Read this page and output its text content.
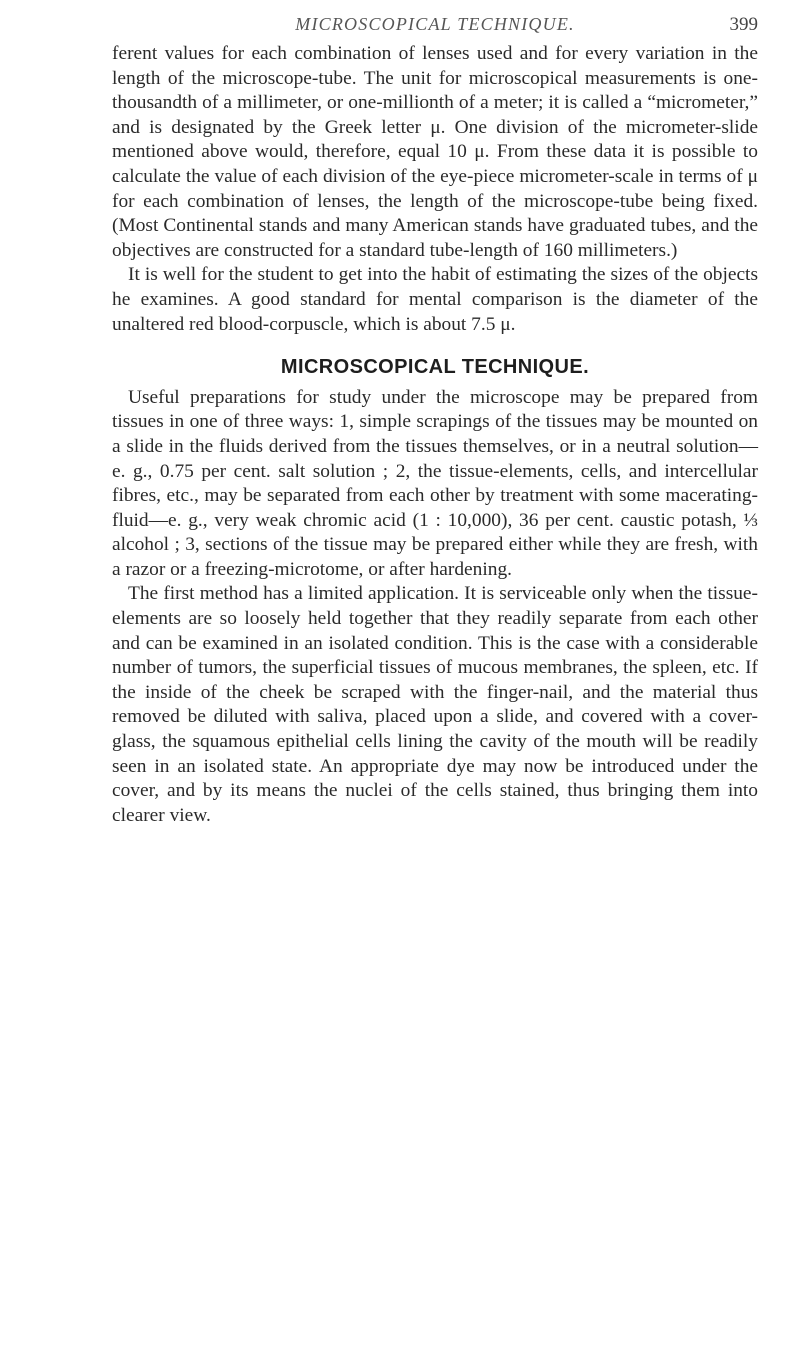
MICROSCOPICAL TECHNIQUE.	399

ferent values for each combination of lenses used and for every variation in the length of the microscope-tube. The unit for microscopical measurements is one-thousandth of a millimeter, or one-millionth of a meter; it is called a “micrometer,” and is designated by the Greek letter μ. One division of the micrometer-slide mentioned above would, therefore, equal 10 μ. From these data it is possible to calculate the value of each division of the eye-piece micrometer-scale in terms of μ for each combination of lenses, the length of the microscope-tube being fixed. (Most Continental stands and many American stands have graduated tubes, and the objectives are constructed for a standard tube-length of 160 millimeters.)

It is well for the student to get into the habit of estimating the sizes of the objects he examines. A good standard for mental comparison is the diameter of the unaltered red blood-corpuscle, which is about 7.5 μ.

MICROSCOPICAL TECHNIQUE.

Useful preparations for study under the microscope may be prepared from tissues in one of three ways: 1, simple scrapings of the tissues may be mounted on a slide in the fluids derived from the tissues themselves, or in a neutral solution—e. g., 0.75 per cent. salt solution ; 2, the tissue-elements, cells, and intercellular fibres, etc., may be separated from each other by treatment with some macerating-fluid—e. g., very weak chromic acid (1 : 10,000), 36 per cent. caustic potash, ⅓ alcohol ; 3, sections of the tissue may be prepared either while they are fresh, with a razor or a freezing-microtome, or after hardening.

The first method has a limited application. It is serviceable only when the tissue-elements are so loosely held together that they readily separate from each other and can be examined in an isolated condition. This is the case with a considerable number of tumors, the superficial tissues of mucous membranes, the spleen, etc. If the inside of the cheek be scraped with the finger-nail, and the material thus removed be diluted with saliva, placed upon a slide, and covered with a cover-glass, the squamous epithelial cells lining the cavity of the mouth will be readily seen in an isolated state. An appropriate dye may now be introduced under the cover, and by its means the nuclei of the cells stained, thus bringing them into clearer view.
